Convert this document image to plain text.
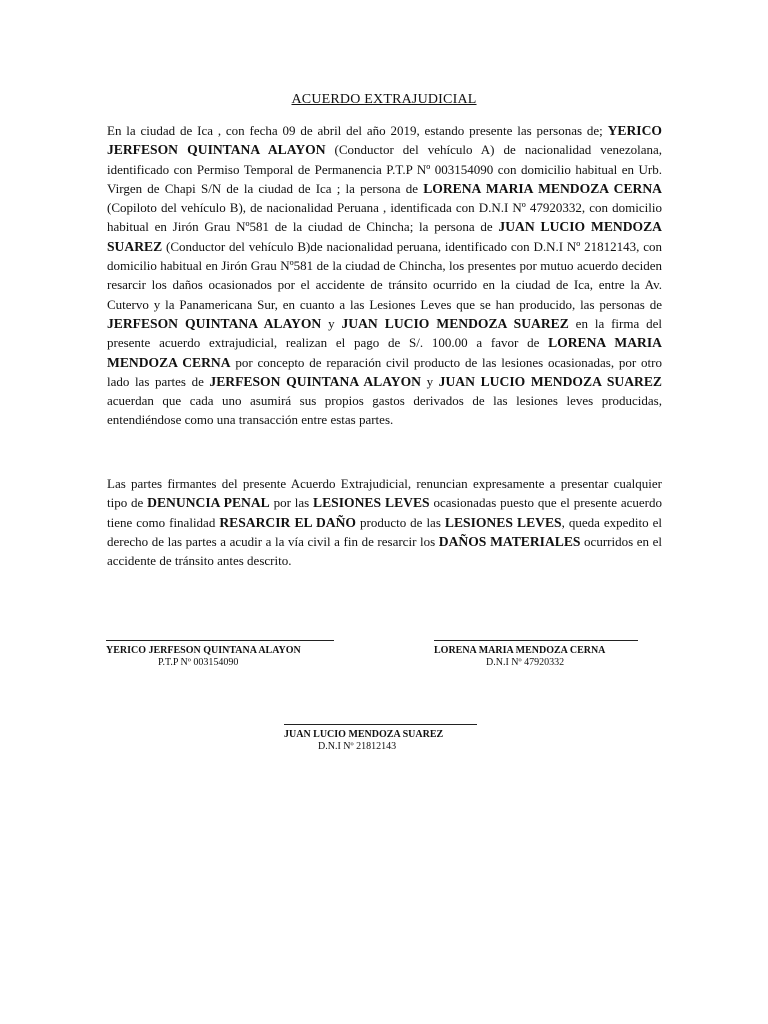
ACUERDO EXTRAJUDICIAL

En la ciudad de Ica , con fecha 09 de abril del año 2019, estando presente las personas de; YERICO JERFESON QUINTANA ALAYON (Conductor del vehículo A) de nacionalidad venezolana, identificado con Permiso Temporal de Permanencia P.T.P Nº 003154090 con domicilio habitual en Urb. Virgen de Chapi S/N de la ciudad de Ica ; la persona de LORENA MARIA MENDOZA CERNA (Copiloto del vehículo B), de nacionalidad Peruana , identificada con D.N.I Nº 47920332, con domicilio habitual en Jirón Grau Nº581 de la ciudad de Chincha; la persona de JUAN LUCIO MENDOZA SUAREZ (Conductor del vehículo B)de nacionalidad peruana, identificado con D.N.I Nº 21812143, con domicilio habitual en Jirón Grau Nº581 de la ciudad de Chincha, los presentes por mutuo acuerdo deciden resarcir los daños ocasionados por el accidente de tránsito ocurrido en la ciudad de Ica, entre la Av. Cutervo y la Panamericana Sur, en cuanto a las Lesiones Leves que se han producido, las personas de JERFESON QUINTANA ALAYON y JUAN LUCIO MENDOZA SUAREZ en la firma del presente acuerdo extrajudicial, realizan el pago de S/. 100.00 a favor de LORENA MARIA MENDOZA CERNA por concepto de reparación civil producto de las lesiones ocasionadas, por otro lado las partes de JERFESON QUINTANA ALAYON y JUAN LUCIO MENDOZA SUAREZ acuerdan que cada uno asumirá sus propios gastos derivados de las lesiones leves producidas, entendiéndose como una transacción entre estas partes.

Las partes firmantes del presente Acuerdo Extrajudicial, renuncian expresamente a presentar cualquier tipo de DENUNCIA PENAL por las LESIONES LEVES ocasionadas puesto que el presente acuerdo tiene como finalidad RESARCIR EL DAÑO producto de las LESIONES LEVES, queda expedito el derecho de las partes a acudir a la vía civil a fin de resarcir los DAÑOS MATERIALES ocurridos en el accidente de tránsito antes descrito.

YERICO JERFESON QUINTANA ALAYON
P.T.P Nº 003154090
LORENA MARIA MENDOZA CERNA
D.N.I Nº 47920332
JUAN LUCIO MENDOZA SUAREZ
D.N.I Nº 21812143
